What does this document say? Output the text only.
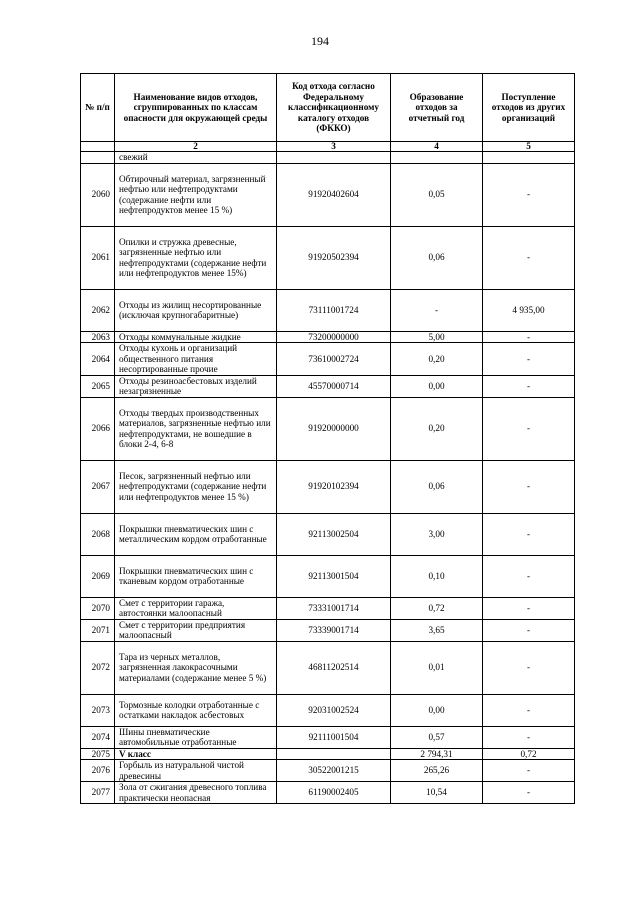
194
№ п/п	Наименование видов отходов, сгруппированных по классам опасности для окружающей среды	Код отхода согласно Федеральному классификационному каталогу отходов (ФККО)	Образование отходов за отчетный год	Поступление отходов из других организаций
	2	3	4	5
	свежий			
2060	Обтирочный материал, загрязненный нефтью или нефтепродуктами (содержание нефти или нефтепродуктов менее 15 %)	91920402604	0,05	-
2061	Опилки и стружка древесные, загрязненные нефтью или нефтепродуктами (содержание нефти или нефтепродуктов менее 15%)	91920502394	0,06	-
2062	Отходы из жилищ несортированные (исключая крупногабаритные)	73111001724	-	4 935,00
2063	Отходы коммунальные жидкие	73200000000	5,00	-
2064	Отходы кухонь и организаций общественного питания несортированные прочие	73610002724	0,20	-
2065	Отходы резиноасбестовых изделий незагрязненные	45570000714	0,00	-
2066	Отходы твердых производственных материалов, загрязненные нефтью или нефтепродуктами, не вошедшие в блоки 2-4, 6-8	91920000000	0,20	-
2067	Песок, загрязненный нефтью или нефтепродуктами (содержание нефти или нефтепродуктов менее 15 %)	91920102394	0,06	-
2068	Покрышки пневматических шин с металлическим кордом отработанные	92113002504	3,00	-
2069	Покрышки пневматических шин с тканевым кордом отработанные	92113001504	0,10	-
2070	Смет с территории гаража, автостоянки малоопасный	73331001714	0,72	-
2071	Смет с территории предприятия малоопасный	73339001714	3,65	-
2072	Тара из черных металлов, загрязненная лакокрасочными материалами (содержание менее 5 %)	46811202514	0,01	-
2073	Тормозные колодки отработанные с остатками накладок асбестовых	92031002524	0,00	-
2074	Шины пневматические автомобильные отработанные	92111001504	0,57	-
2075	V класс		2 794,31	0,72
2076	Горбыль из натуральной чистой древесины	30522001215	265,26	-
2077	Зола от сжигания древесного топлива практически неопасная	61190002405	10,54	-
